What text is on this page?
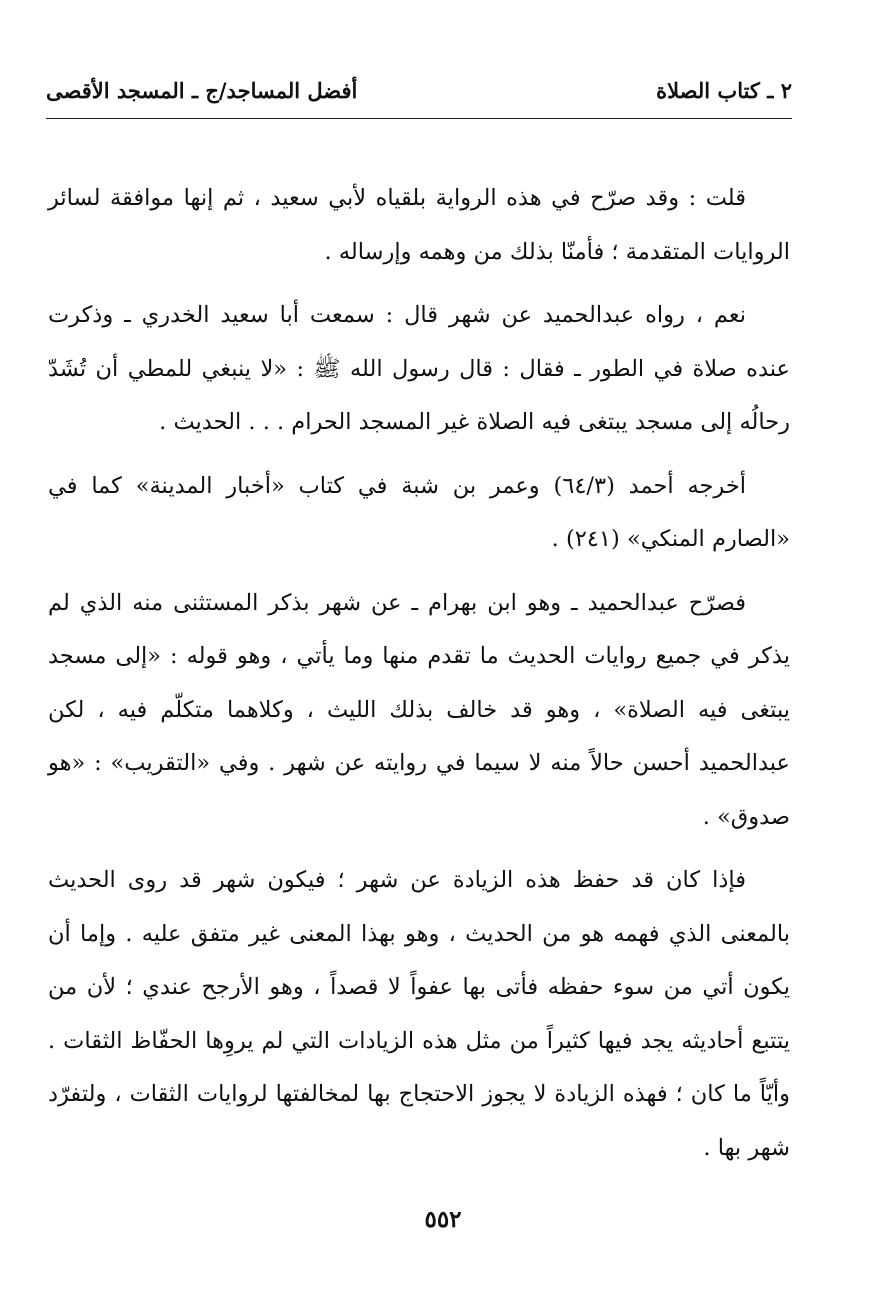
٢ ـ كتاب الصلاة
أفضل المساجد/ج ـ المسجد الأقصى

قلت : وقد صرّح في هذه الرواية بلقياه لأبي سعيد ، ثم إنها موافقة لسائر الروايات المتقدمة ؛ فأمنّا بذلك من وهمه وإرساله .

نعم ، رواه عبدالحميد عن شهر قال : سمعت أبا سعيد الخدري ـ وذكرت عنده صلاة في الطور ـ فقال : قال رسول الله ﷺ : «لا ينبغي للمطي أن تُشَدّ رحالُه إلى مسجد يبتغى فيه الصلاة غير المسجد الحرام . . . الحديث .

أخرجه أحمد (٦٤/٣) وعمر بن شبة في كتاب «أخبار المدينة» كما في «الصارم المنكي» (٢٤١) .

فصرّح عبدالحميد ـ وهو ابن بهرام ـ عن شهر بذكر المستثنى منه الذي لم يذكر في جميع روايات الحديث ما تقدم منها وما يأتي ، وهو قوله : «إلى مسجد يبتغى فيه الصلاة» ، وهو قد خالف بذلك الليث ، وكلاهما متكلّم فيه ، لكن عبدالحميد أحسن حالاً منه لا سيما في روايته عن شهر . وفي «التقريب» : «هو صدوق» .

فإذا كان قد حفظ هذه الزيادة عن شهر ؛ فيكون شهر قد روى الحديث بالمعنى الذي فهمه هو من الحديث ، وهو بهذا المعنى غير متفق عليه . وإما أن يكون أتي من سوء حفظه فأتى بها عفواً لا قصداً ، وهو الأرجح عندي ؛ لأن من يتتبع أحاديثه يجد فيها كثيراً من مثل هذه الزيادات التي لم يروِها الحفّاظ الثقات . وأيّاً ما كان ؛ فهذه الزيادة لا يجوز الاحتجاج بها لمخالفتها لروايات الثقات ، ولتفرّد شهر بها .

٥٥٢
